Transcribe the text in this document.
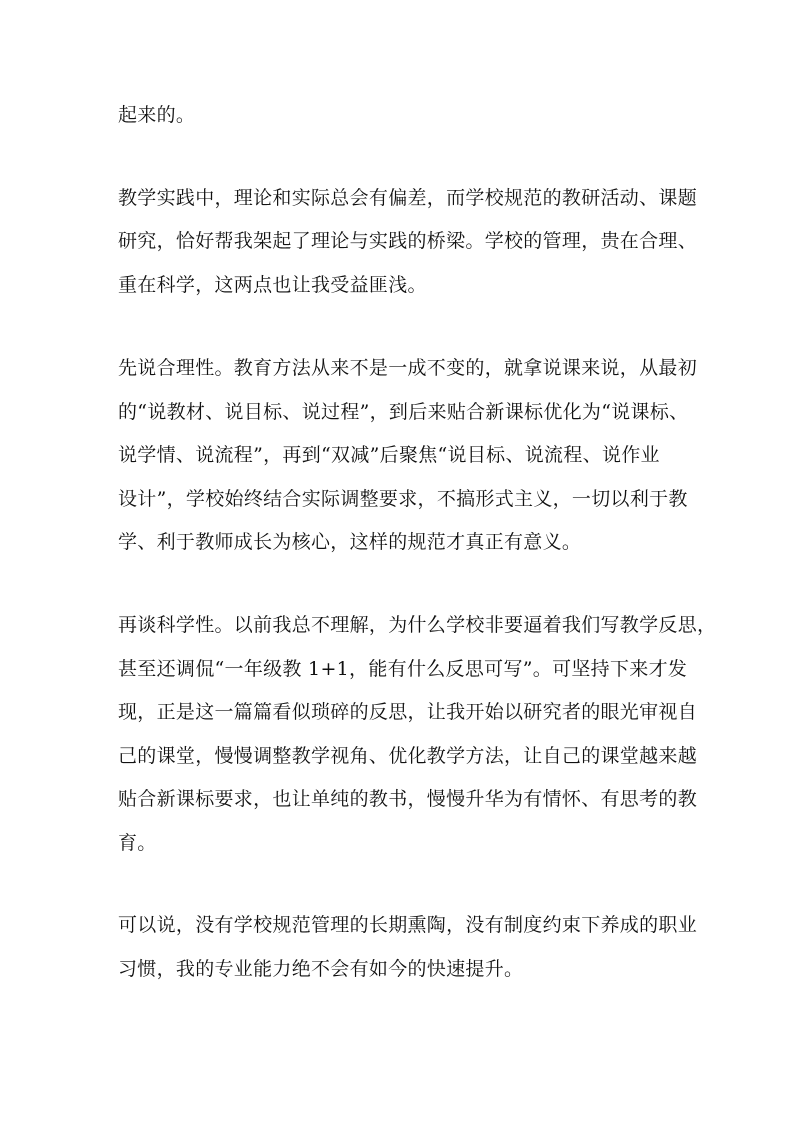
起来的。
教学实践中，理论和实际总会有偏差，而学校规范的教研活动、课题
研究，恰好帮我架起了理论与实践的桥梁。学校的管理，贵在合理、
重在科学，这两点也让我受益匪浅。
先说合理性。教育方法从来不是一成不变的，就拿说课来说，从最初
的“说教材、说目标、说过程”，到后来贴合新课标优化为“说课标、
说学情、说流程”，再到“双减”后聚焦“说目标、说流程、说作业
设计”，学校始终结合实际调整要求，不搞形式主义，一切以利于教
学、利于教师成长为核心，这样的规范才真正有意义。
再谈科学性。以前我总不理解，为什么学校非要逼着我们写教学反思，
甚至还调侃“一年级教 1+1，能有什么反思可写”。可坚持下来才发
现，正是这一篇篇看似琐碎的反思，让我开始以研究者的眼光审视自
己的课堂，慢慢调整教学视角、优化教学方法，让自己的课堂越来越
贴合新课标要求，也让单纯的教书，慢慢升华为有情怀、有思考的教
育。
可以说，没有学校规范管理的长期熏陶，没有制度约束下养成的职业
习惯，我的专业能力绝不会有如今的快速提升。
